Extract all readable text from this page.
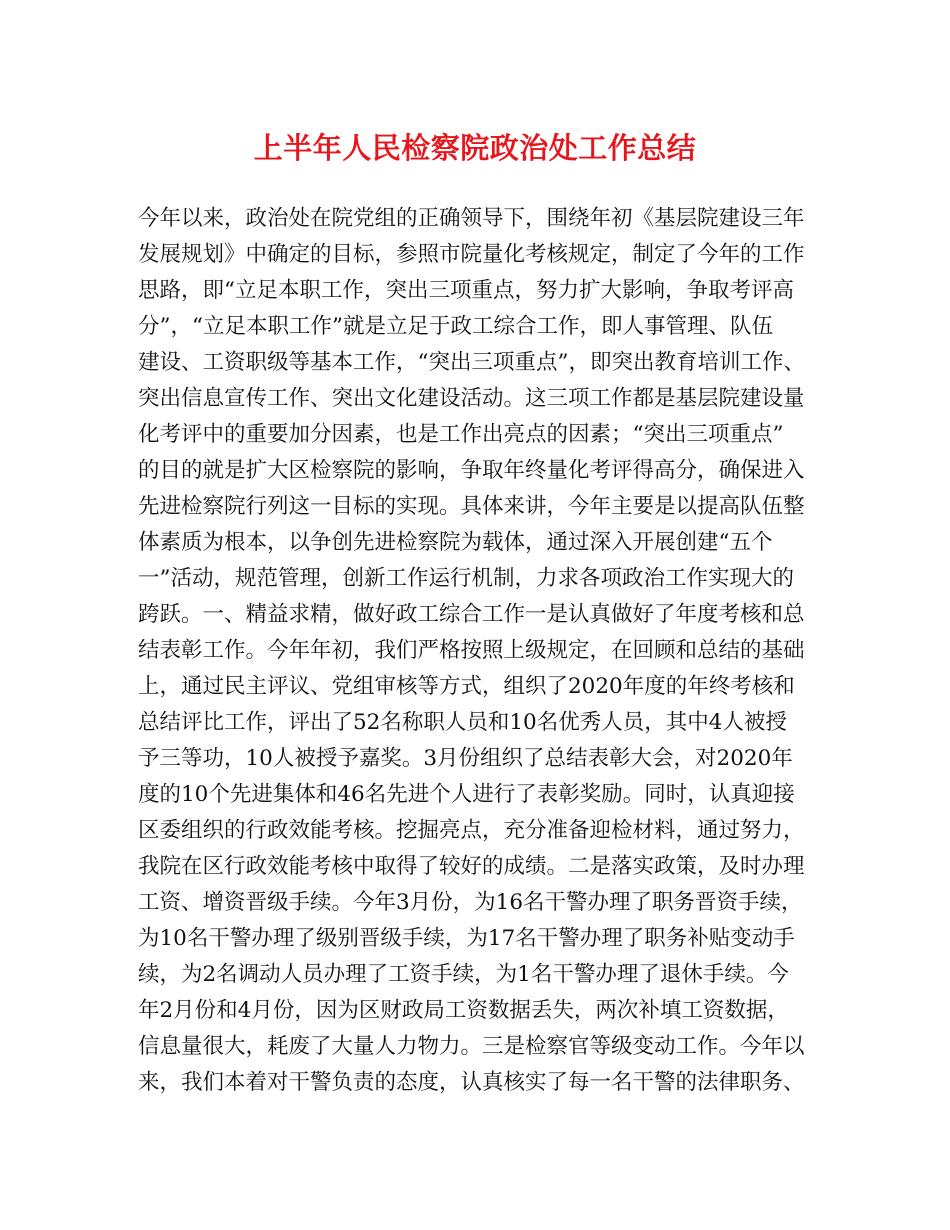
上半年人民检察院政治处工作总结
今年以来，政治处在院党组的正确领导下，围绕年初《基层院建设三年
发展规划》中确定的目标，参照市院量化考核规定，制定了今年的工作
思路，即“立足本职工作，突出三项重点，努力扩大影响，争取考评高
分”，“立足本职工作”就是立足于政工综合工作，即人事管理、队伍
建设、工资职级等基本工作，“突出三项重点”，即突出教育培训工作、
突出信息宣传工作、突出文化建设活动。这三项工作都是基层院建设量
化考评中的重要加分因素，也是工作出亮点的因素；“突出三项重点”
的目的就是扩大区检察院的影响，争取年终量化考评得高分，确保进入
先进检察院行列这一目标的实现。具体来讲，今年主要是以提高队伍整
体素质为根本，以争创先进检察院为载体，通过深入开展创建“五个
一”活动，规范管理，创新工作运行机制，力求各项政治工作实现大的
跨跃。一、精益求精，做好政工综合工作一是认真做好了年度考核和总
结表彰工作。今年年初，我们严格按照上级规定，在回顾和总结的基础
上，通过民主评议、党组审核等方式，组织了2020年度的年终考核和
总结评比工作，评出了52名称职人员和10名优秀人员，其中4人被授
予三等功，10人被授予嘉奖。3月份组织了总结表彰大会，对2020年
度的10个先进集体和46名先进个人进行了表彰奖励。同时，认真迎接
区委组织的行政效能考核。挖掘亮点，充分准备迎检材料，通过努力，
我院在区行政效能考核中取得了较好的成绩。二是落实政策，及时办理
工资、增资晋级手续。今年3月份，为16名干警办理了职务晋资手续，
为10名干警办理了级别晋级手续，为17名干警办理了职务补贴变动手
续，为2名调动人员办理了工资手续，为1名干警办理了退休手续。今
年2月份和4月份，因为区财政局工资数据丢失，两次补填工资数据，
信息量很大，耗废了大量人力物力。三是检察官等级变动工作。今年以
来，我们本着对干警负责的态度，认真核实了每一名干警的法律职务、
